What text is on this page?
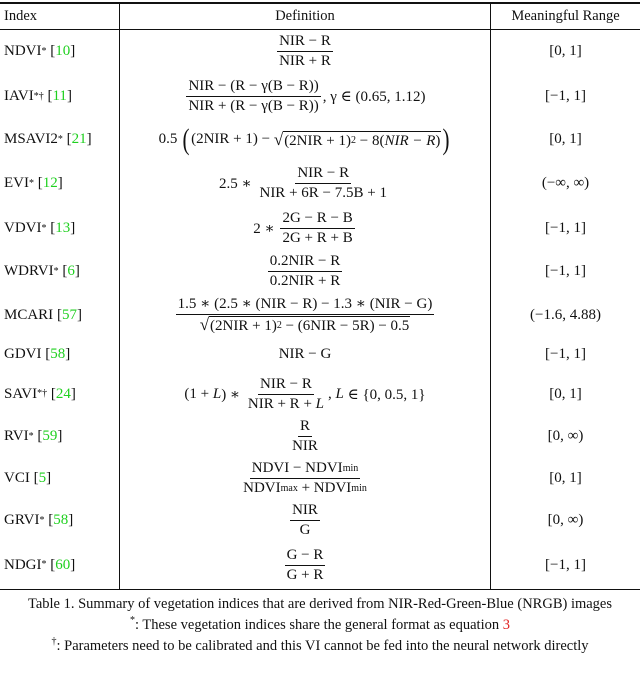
Index	Definition	Meaningful Range
NDVI * [ 10 ]	$\frac{\text{NIR − R}}{\text{NIR + R}}$	[0, 1]
IAVI *† [ 11 ]	$\frac{\text{NIR − (R − γ(B − R))}}{\text{NIR + (R − γ(B − R))}}$ , γ ∈ (0.65, 1.12)	[−1, 1]
MSAVI2 * [ 21 ]	0.5 ( (2NIR + 1) − √ (2NIR + 1) 2 − 8( NIR − R ) )	[0, 1]
EVI * [ 12 ]	2.5 ∗ $\frac{\text{NIR − R}}{\text{NIR + 6R − 7.5B + 1}}$	(−∞, ∞)
VDVI * [ 13 ]	2 ∗ $\frac{2G - R - B}{2G + R + B}$	[−1, 1]
WDRVI * [ 6 ]	$\frac{\text{0.2NIR − R}}{\text{0.2NIR + R}}$	[−1, 1]
MCARI [ 57 ]	$\frac{\text{1.5 ∗ (2.5 ∗ (NIR − R) − 1.3 ∗ (NIR − G)}}{\text{√ (2NIR + 1) 2 − (6NIR − 5R) − 0.5}}$	(−1.6, 4.88)
GDVI [ 58 ]	NIR − G	[−1, 1]
SAVI *† [ 24 ]	(1 + L ) ∗ $\frac{\text{NIR − R}}{\text{NIR + R + L}}$ , L ∈ {0, 0.5, 1}	[0, 1]
RVI * [ 59 ]	$\frac{R}{\text{NIR}}$	[0, ∞)
VCI [ 5 ]	$\frac{\text{NDVI − NDVI min}}{\text{NDVI max + NDVI min}}$	[0, 1]
GRVI * [ 58 ]	$\frac{\text{NIR}}{G}$	[0, ∞)
NDGI * [ 60 ]	$\frac{G - R}{G + R}$	[−1, 1]
Table 1. Summary of vegetation indices that are derived from NIR-Red-Green-Blue (NRGB) images
*: These vegetation indices share the general format as equation 3
†: Parameters need to be calibrated and this VI cannot be fed into the neural network directly
